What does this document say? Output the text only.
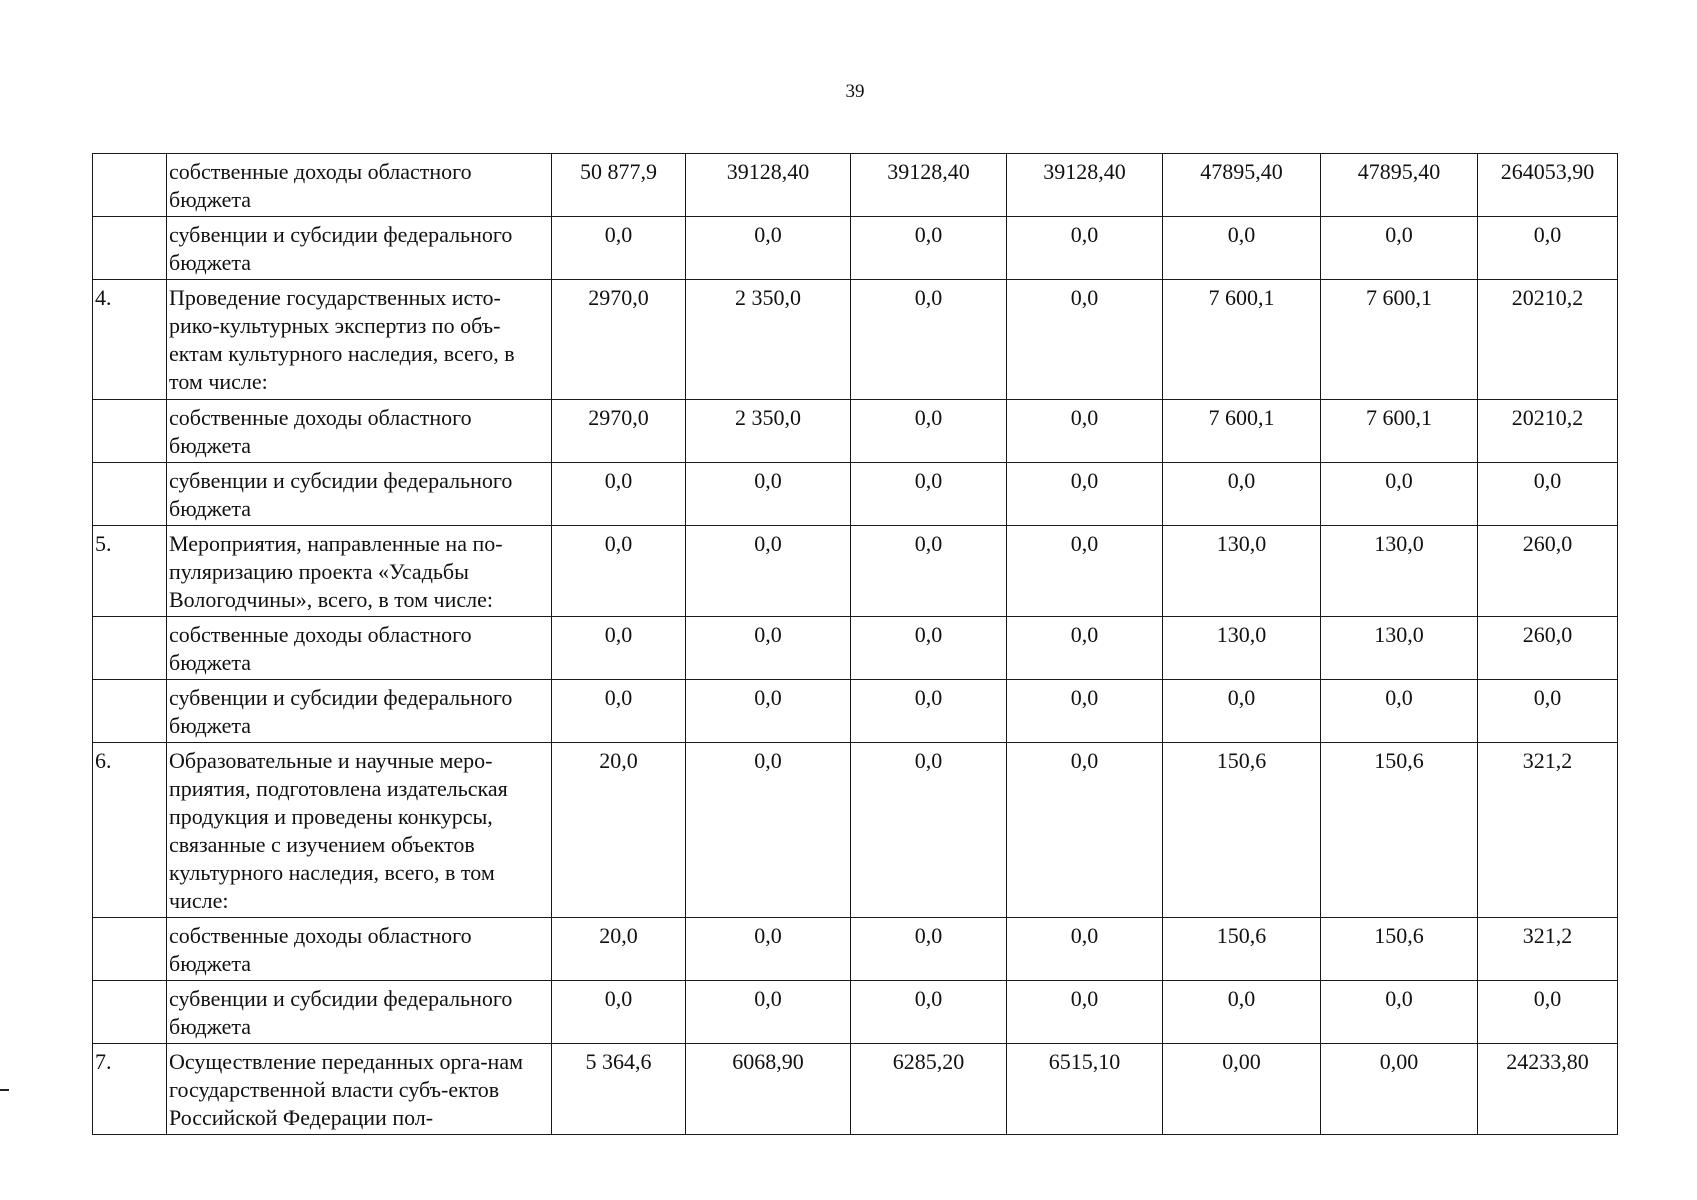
39
	собственные доходы областного бюджета	50 877,9	39128,40	39128,40	39128,40	47895,40	47895,40	264053,90
	субвенции и субсидии федерального бюджета	0,0	0,0	0,0	0,0	0,0	0,0	0,0
4.	Проведение государственных исто-рико-культурных экспертиз по объ-ектам культурного наследия, всего, в том числе:	2970,0	2 350,0	0,0	0,0	7 600,1	7 600,1	20210,2
	собственные доходы областного бюджета	2970,0	2 350,0	0,0	0,0	7 600,1	7 600,1	20210,2
	субвенции и субсидии федерального бюджета	0,0	0,0	0,0	0,0	0,0	0,0	0,0
5.	Мероприятия, направленные на по-пуляризацию проекта «Усадьбы Вологодчины», всего, в том числе:	0,0	0,0	0,0	0,0	130,0	130,0	260,0
	собственные доходы областного бюджета	0,0	0,0	0,0	0,0	130,0	130,0	260,0
	субвенции и субсидии федерального бюджета	0,0	0,0	0,0	0,0	0,0	0,0	0,0
6.	Образовательные и научные меро-приятия, подготовлена издательская продукция и проведены конкурсы, связанные с изучением объектов культурного наследия, всего, в том числе:	20,0	0,0	0,0	0,0	150,6	150,6	321,2
	собственные доходы областного бюджета	20,0	0,0	0,0	0,0	150,6	150,6	321,2
	субвенции и субсидии федерального бюджета	0,0	0,0	0,0	0,0	0,0	0,0	0,0
7.	Осуществление переданных орга-нам государственной власти субъ-ектов Российской Федерации пол-	5 364,6	6068,90	6285,20	6515,10	0,00	0,00	24233,80
